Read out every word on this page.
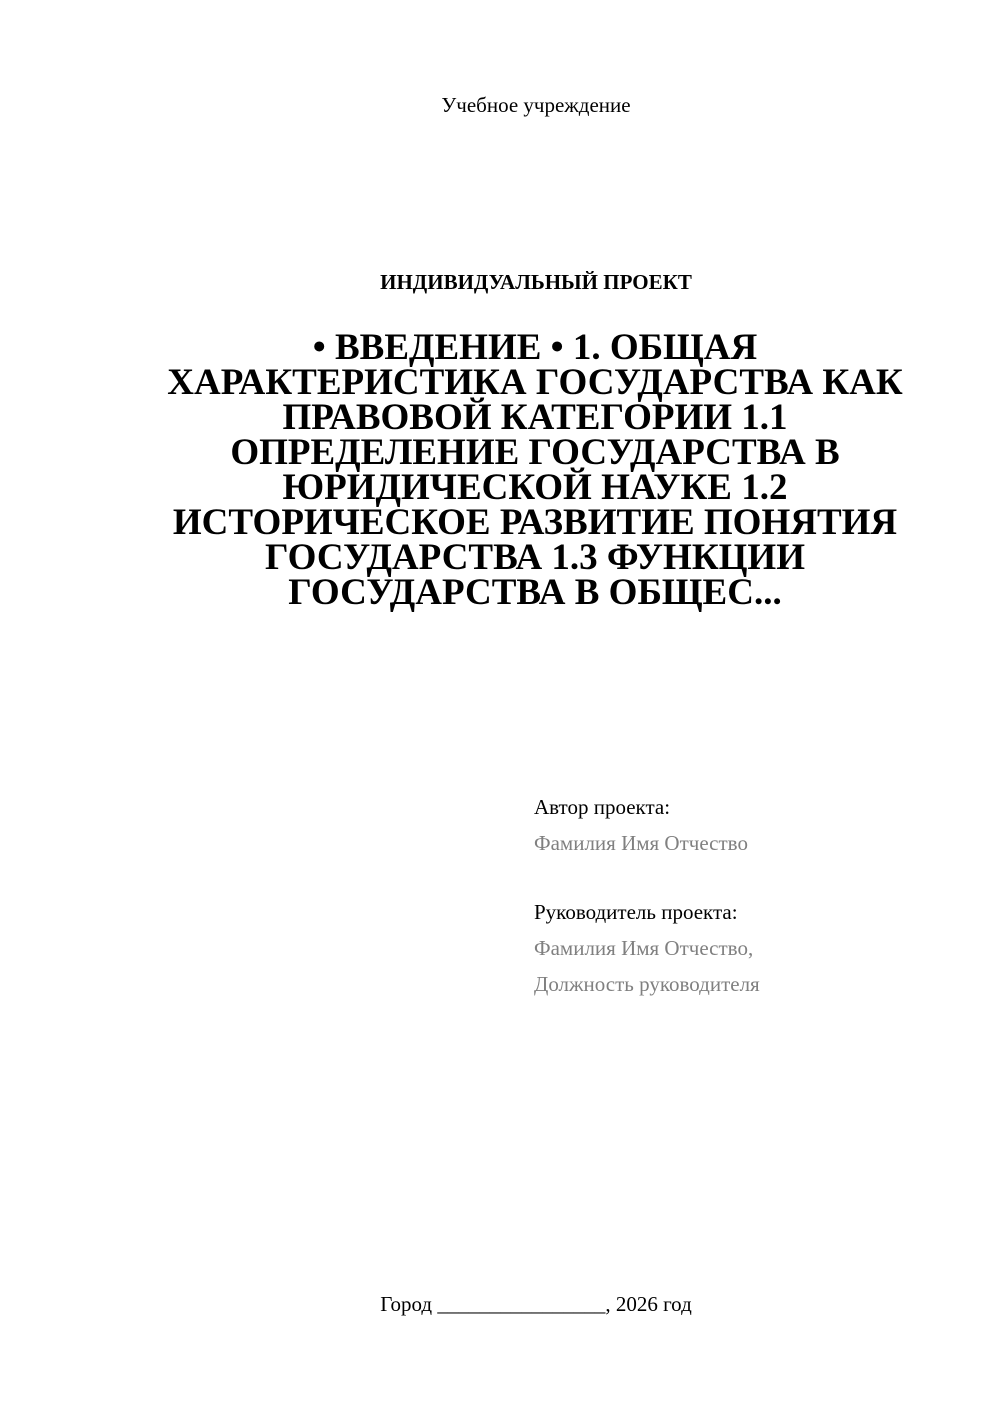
Учебное учреждение
ИНДИВИДУАЛЬНЫЙ ПРОЕКТ
• ВВЕДЕНИЕ • 1. ОБЩАЯ ХАРАКТЕРИСТИКА ГОСУДАРСТВА КАК ПРАВОВОЙ КАТЕГОРИИ 1.1 ОПРЕДЕЛЕНИЕ ГОСУДАРСТВА В ЮРИДИЧЕСКОЙ НАУКЕ 1.2 ИСТОРИЧЕСКОЕ РАЗВИТИЕ ПОНЯТИЯ ГОСУДАРСТВА 1.3 ФУНКЦИИ ГОСУДАРСТВА В ОБЩЕС...
Автор проекта:
Фамилия Имя Отчество
Руководитель проекта:
Фамилия Имя Отчество,
Должность руководителя
Город ________________, 2026 год
